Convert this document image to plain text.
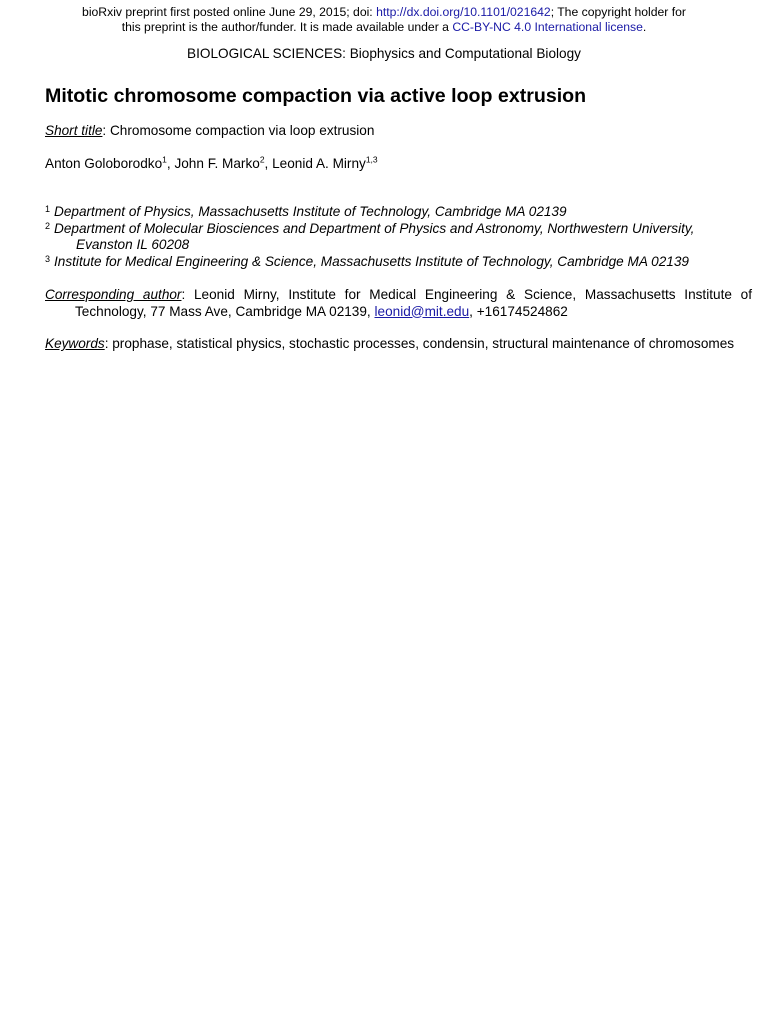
bioRxiv preprint first posted online June 29, 2015; doi: http://dx.doi.org/10.1101/021642; The copyright holder for
this preprint is the author/funder. It is made available under a CC-BY-NC 4.0 International license.
BIOLOGICAL SCIENCES: Biophysics and Computational Biology
Mitotic chromosome compaction via active loop extrusion
Short title: Chromosome compaction via loop extrusion
Anton Goloborodko$^1$, John F. Marko$^2$, Leonid A. Mirny$^{1,3}$
$^1$ Department of Physics, Massachusetts Institute of Technology, Cambridge MA 02139
$^2$ Department of Molecular Biosciences and Department of Physics and Astronomy, Northwestern University,
Evanston IL 60208
$^3$ Institute for Medical Engineering & Science, Massachusetts Institute of Technology, Cambridge MA 02139
Corresponding author: Leonid Mirny, Institute for Medical Engineering & Science, Massachusetts Institute of Technology, 77 Mass Ave, Cambridge MA 02139, leonid@mit.edu, +16174524862
Keywords: prophase, statistical physics, stochastic processes, condensin, structural maintenance of chromosomes
